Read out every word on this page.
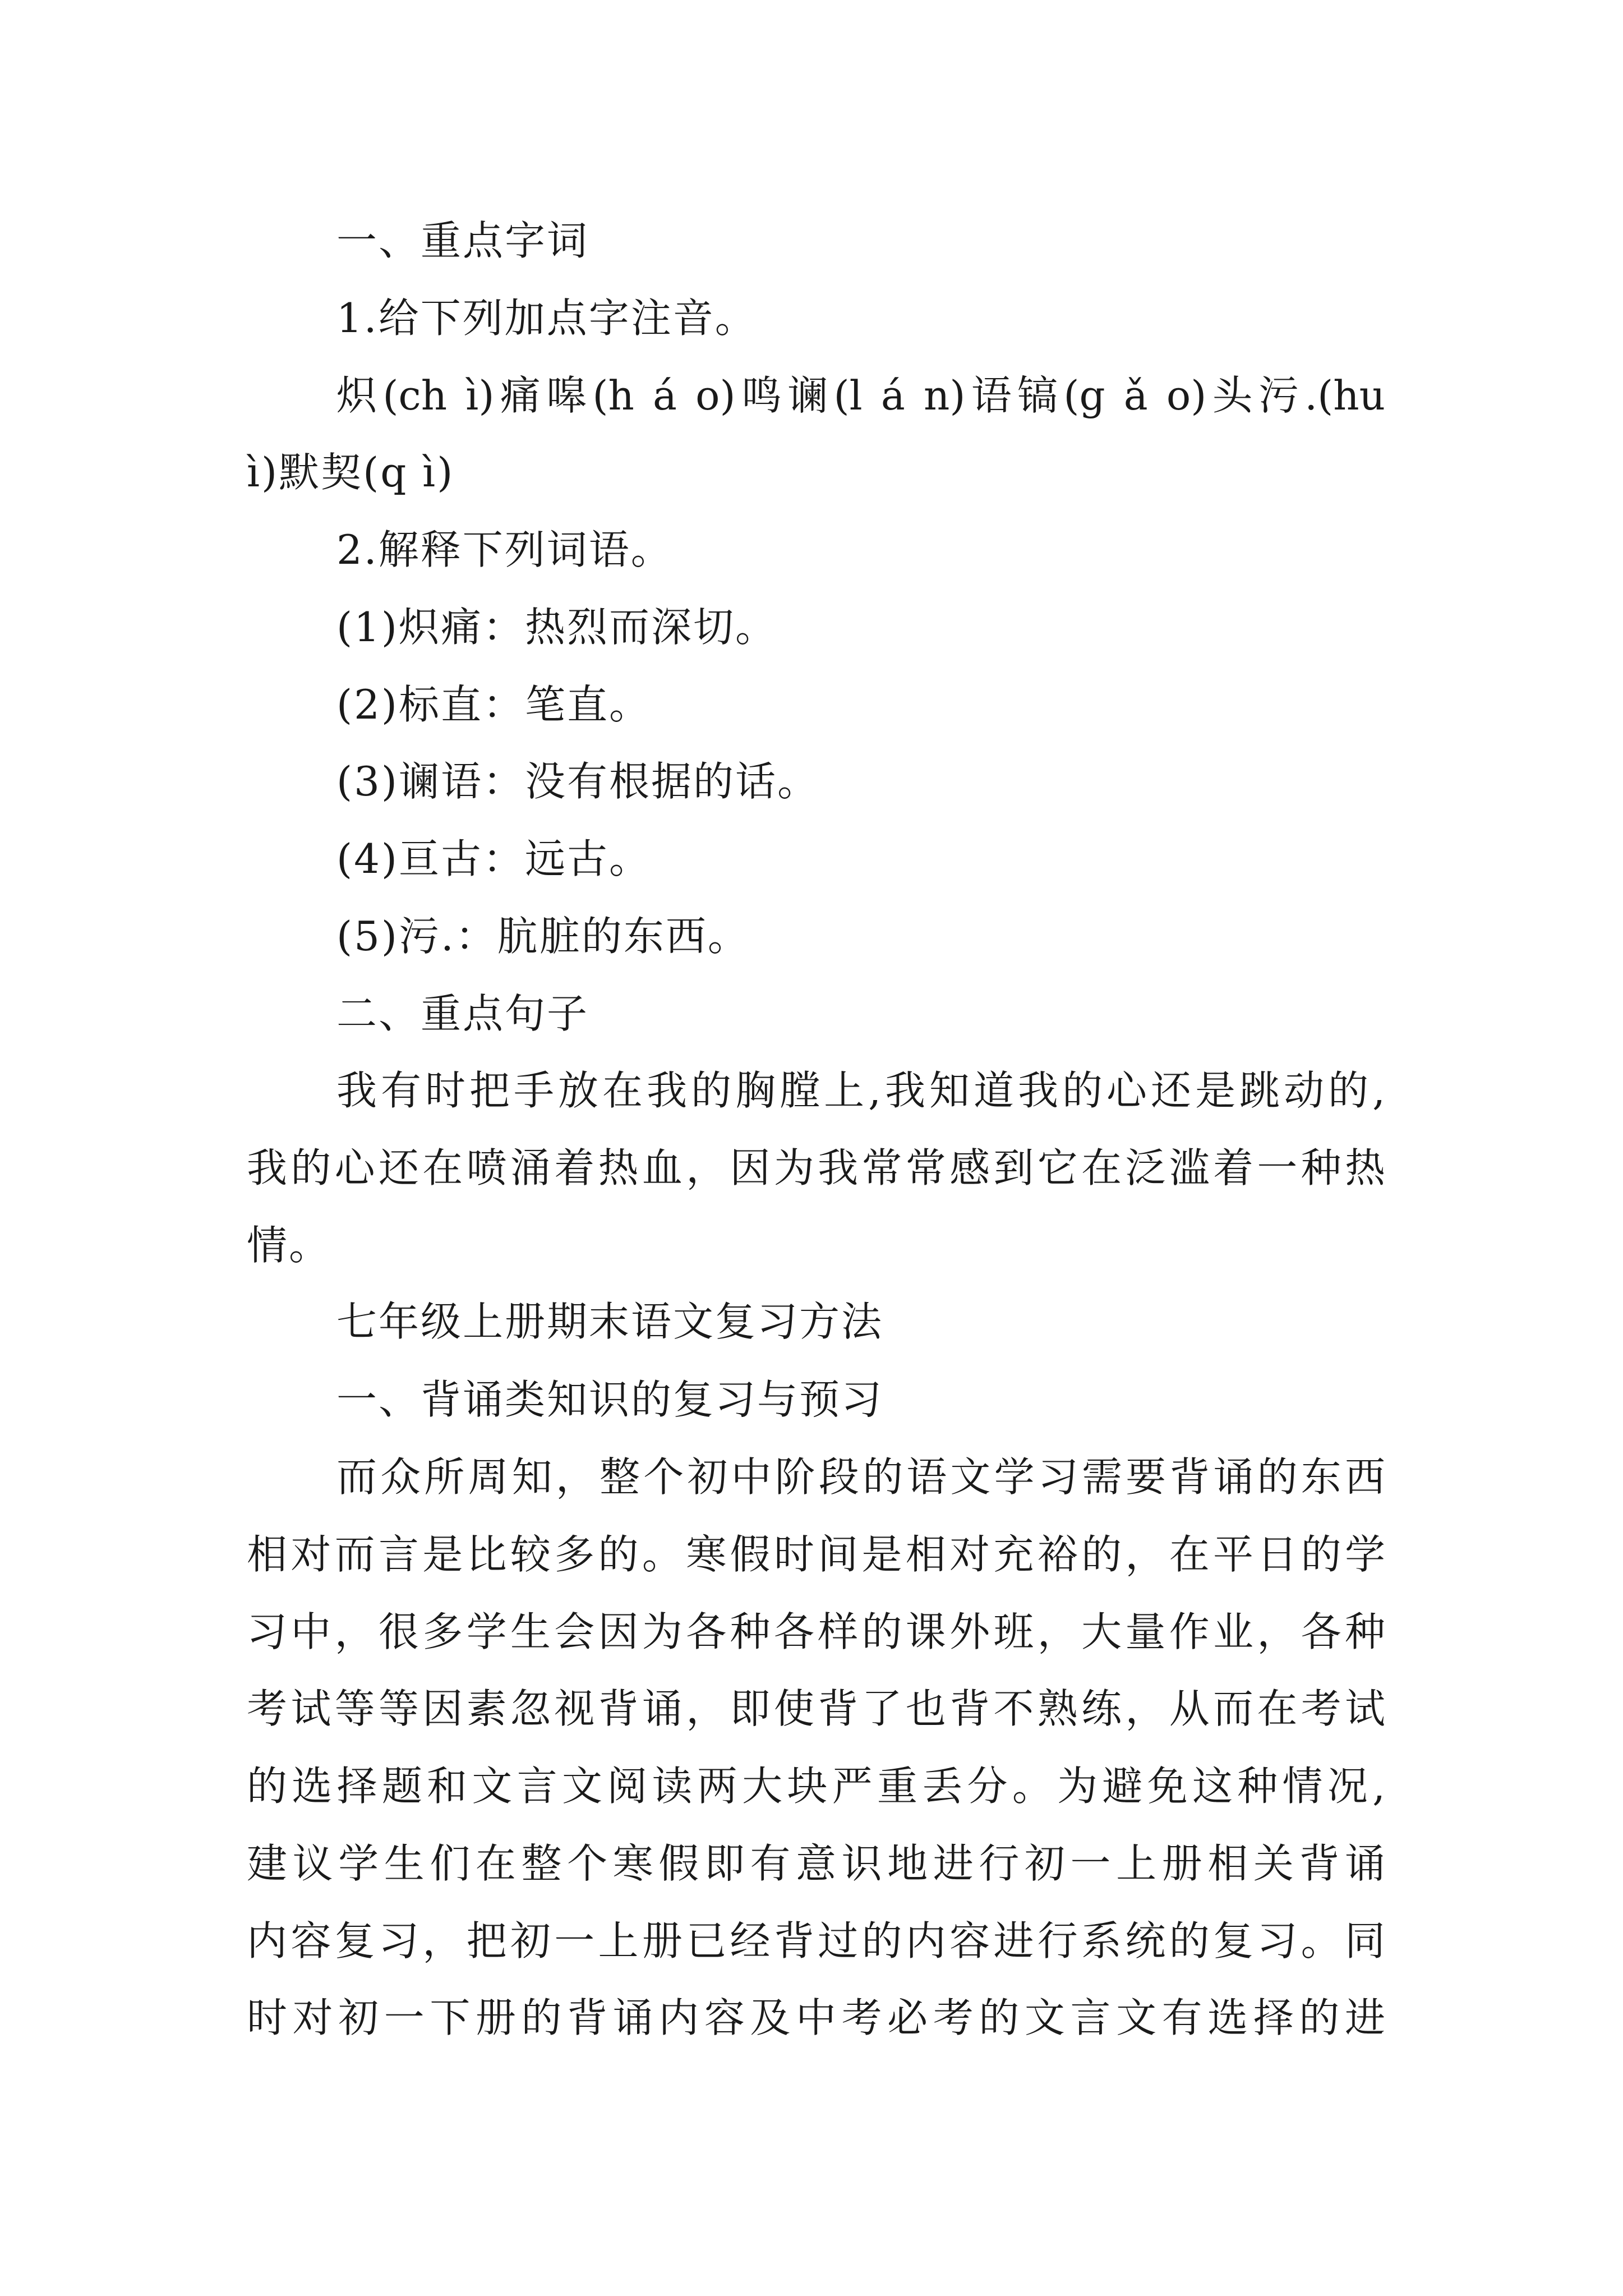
一、重点字词
1.给下列加点字注音。
炽(ch ì)痛嗥(h á o)鸣谰(l á n)语镐(g ǎ o)头污.(hu
ì)默契(q ì)
2.解释下列词语。
(1)炽痛：热烈而深切。
(2)标直：笔直。
(3)谰语：没有根据的话。
(4)亘古：远古。
(5)污.：肮脏的东西。
二、重点句子
我有时把手放在我的胸膛上,我知道我的心还是跳动的,
我的心还在喷涌着热血，因为我常常感到它在泛滥着一种热
情。
七年级上册期末语文复习方法
一、背诵类知识的复习与预习
而众所周知，整个初中阶段的语文学习需要背诵的东西
相对而言是比较多的。寒假时间是相对充裕的，在平日的学
习中，很多学生会因为各种各样的课外班，大量作业，各种
考试等等因素忽视背诵，即使背了也背不熟练，从而在考试
的选择题和文言文阅读两大块严重丢分。为避免这种情况,
建议学生们在整个寒假即有意识地进行初一上册相关背诵
内容复习，把初一上册已经背过的内容进行系统的复习。同
时对初一下册的背诵内容及中考必考的文言文有选择的进
